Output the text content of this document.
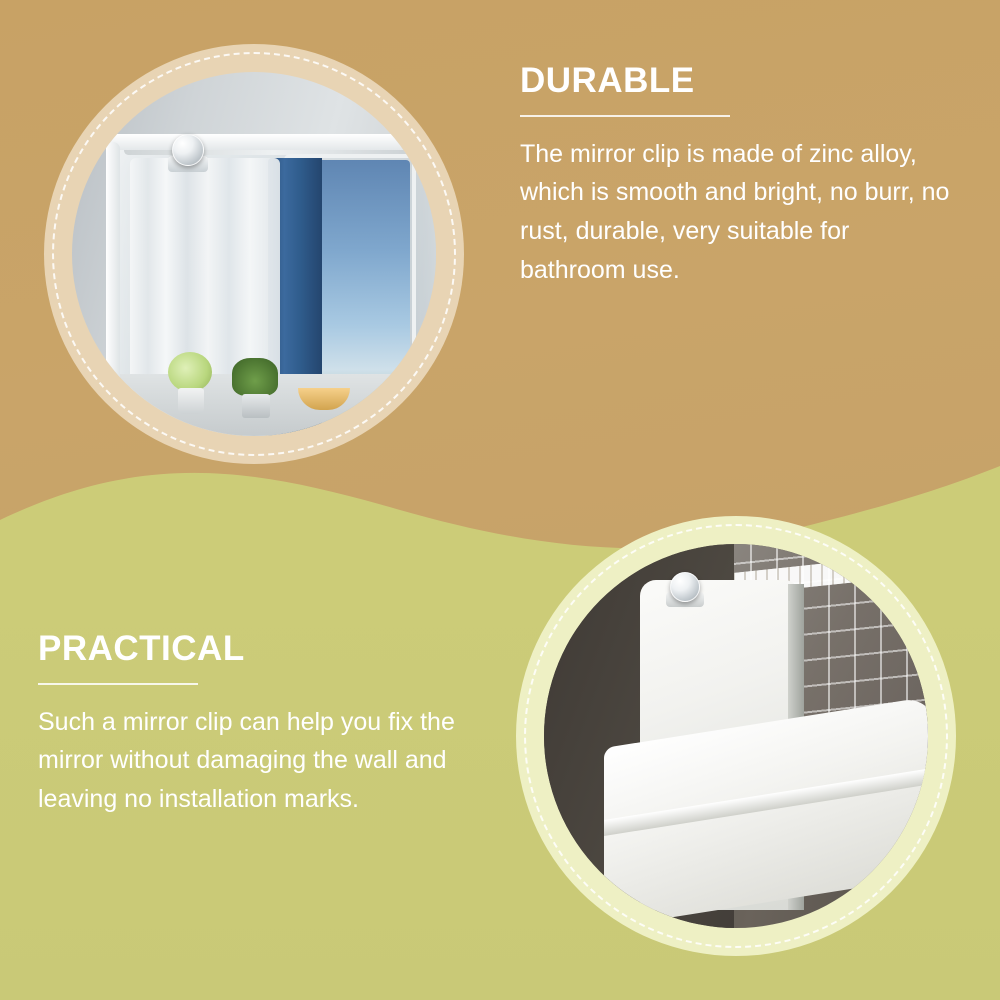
DURABLE

The mirror clip is made of zinc alloy, which is smooth and bright, no burr, no rust, durable, very suitable for bathroom use.

PRACTICAL

Such a mirror clip can help you fix the mirror without damaging the wall and leaving no installation marks.
